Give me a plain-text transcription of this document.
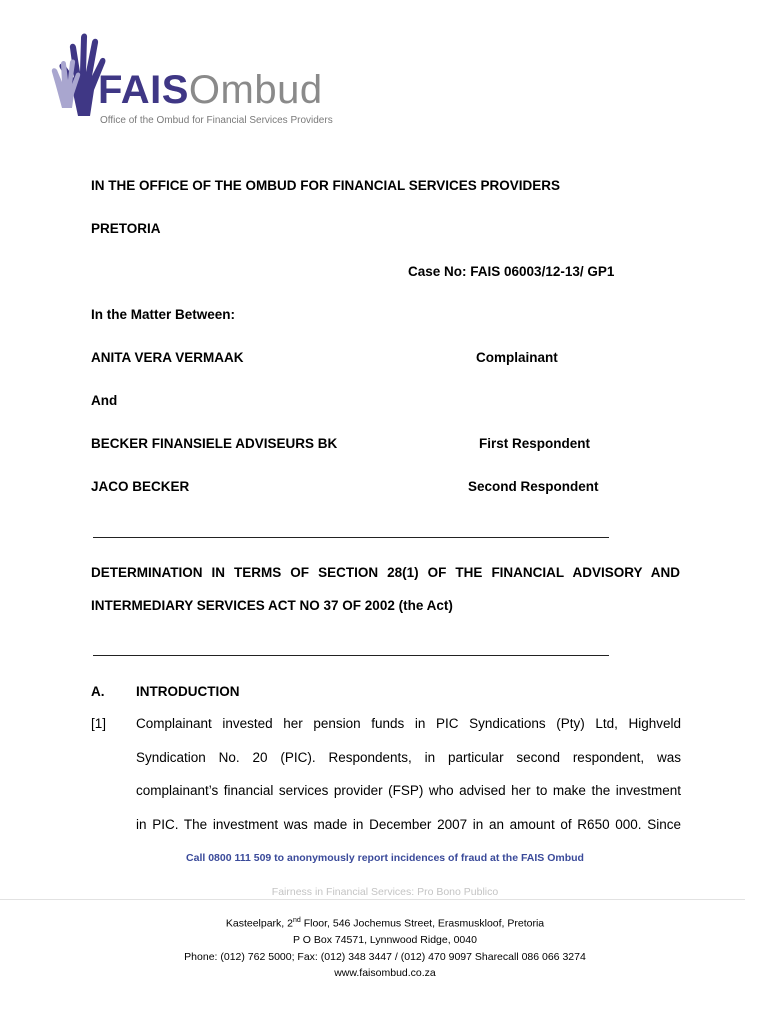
FAISOmbud
Office of the Ombud for Financial Services Providers
IN THE OFFICE OF THE OMBUD FOR FINANCIAL SERVICES PROVIDERS
PRETORIA
Case No: FAIS 06003/12-13/ GP1
In the Matter Between:
ANITA VERA VERMAAK	Complainant
And
BECKER FINANSIELE ADVISEURS BK	First Respondent
JACO BECKER	Second Respondent
DETERMINATION IN TERMS OF SECTION 28(1) OF THE FINANCIAL ADVISORY AND
INTERMEDIARY SERVICES ACT NO 37 OF 2002 (the Act)
A. INTRODUCTION
[1] Complainant invested her pension funds in PIC Syndications (Pty) Ltd, Highveld
Syndication No. 20 (PIC). Respondents, in particular second respondent, was
complainant’s financial services provider (FSP) who advised her to make the investment
in PIC. The investment was made in December 2007 in an amount of R650 000. Since
Call 0800 111 509 to anonymously report incidences of fraud at the FAIS Ombud
Fairness in Financial Services: Pro Bono Publico
Kasteelpark, 2nd Floor, 546 Jochemus Street, Erasmuskloof, Pretoria
P O Box 74571, Lynnwood Ridge, 0040
Phone: (012) 762 5000; Fax: (012) 348 3447 / (012) 470 9097 Sharecall 086 066 3274
www.faisombud.co.za
